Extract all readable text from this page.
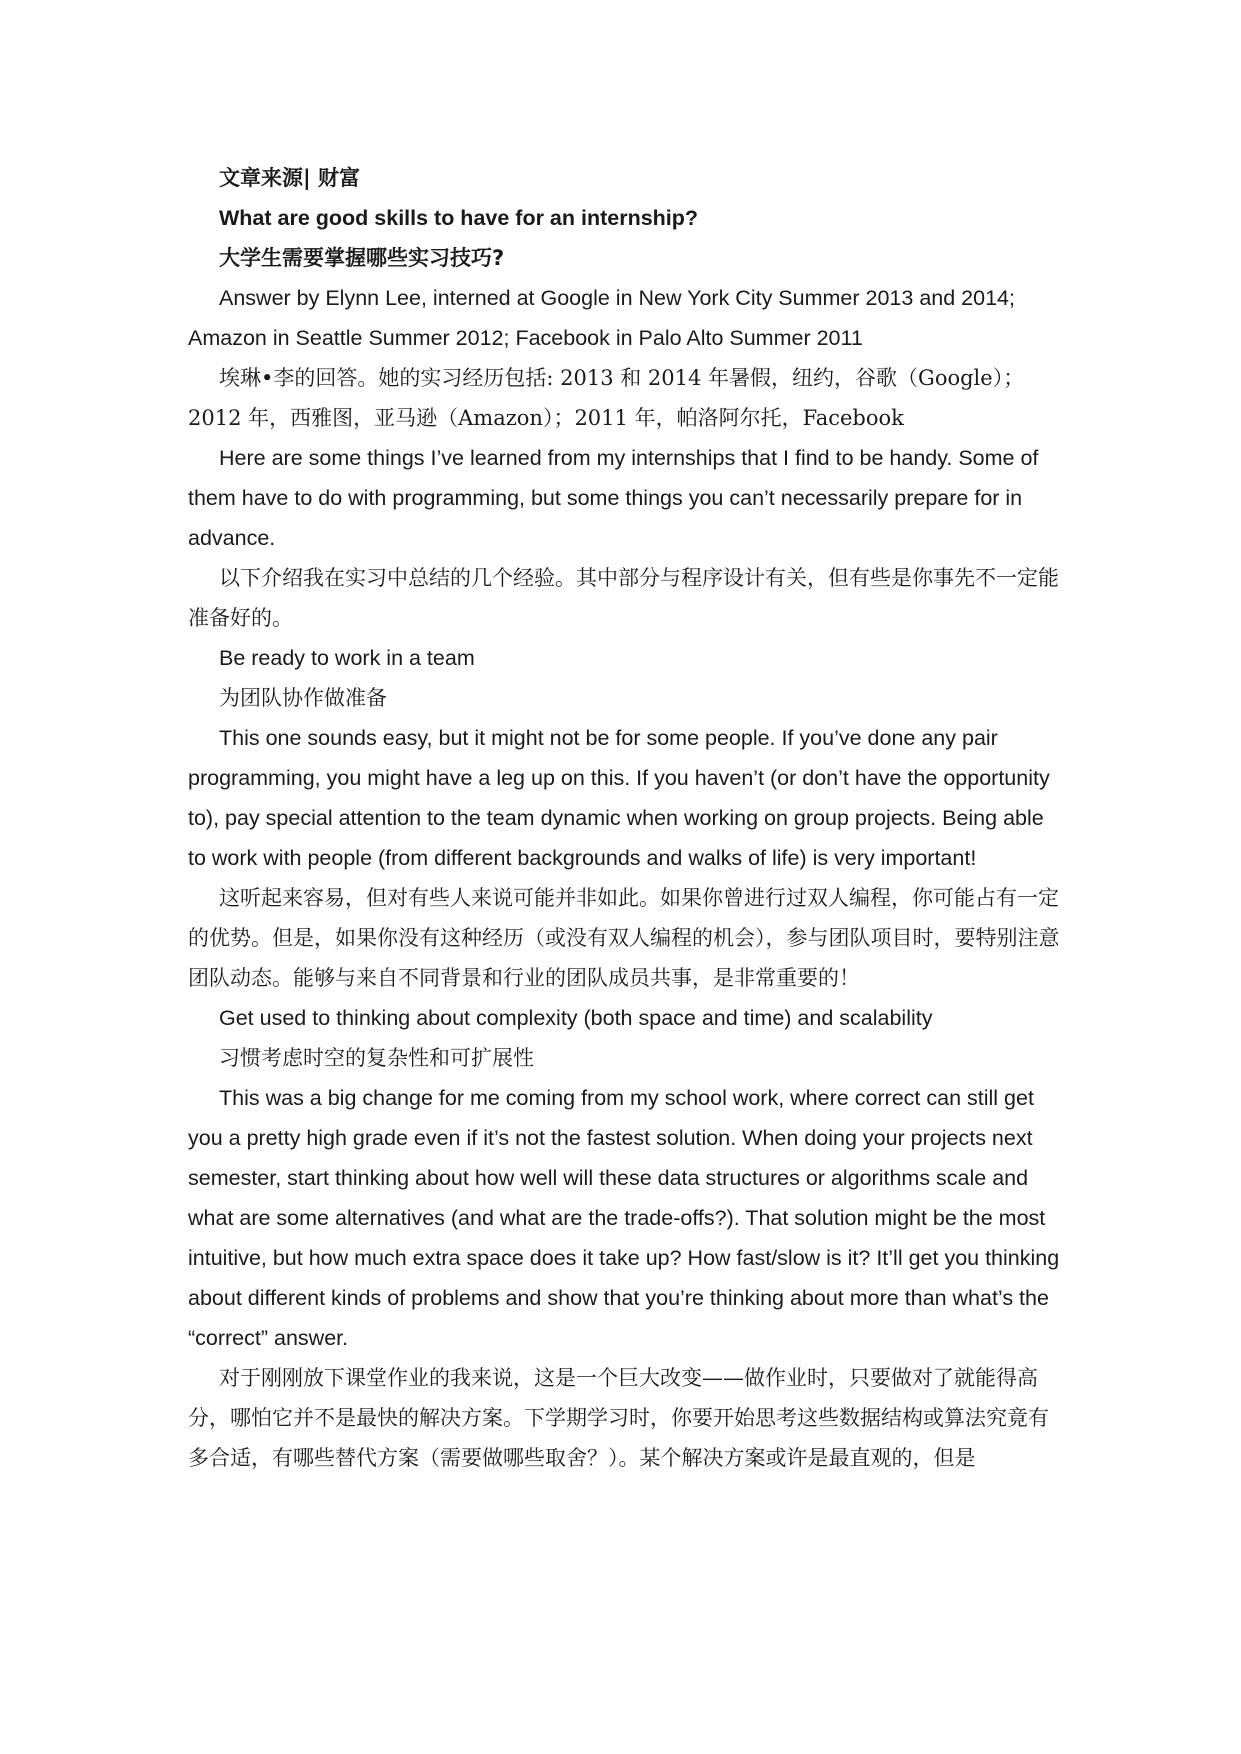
文章来源| 财富

What are good skills to have for an internship?

大学生需要掌握哪些实习技巧?

Answer by Elynn Lee, interned at Google in New York City Summer 2013 and 2014; Amazon in Seattle Summer 2012; Facebook in Palo Alto Summer 2011

埃琳•李的回答。她的实习经历包括: 2013 和 2014 年暑假，纽约，谷歌（Google）；2012 年，西雅图，亚马逊（Amazon）；2011 年，帕洛阿尔托，Facebook

Here are some things I’ve learned from my internships that I find to be handy. Some of them have to do with programming, but some things you can’t necessarily prepare for in advance.

以下介绍我在实习中总结的几个经验。其中部分与程序设计有关，但有些是你事先不一定能准备好的。

Be ready to work in a team

为团队协作做准备

This one sounds easy, but it might not be for some people. If you’ve done any pair programming, you might have a leg up on this. If you haven’t (or don’t have the opportunity to), pay special attention to the team dynamic when working on group projects. Being able to work with people (from different backgrounds and walks of life) is very important!

这听起来容易，但对有些人来说可能并非如此。如果你曾进行过双人编程，你可能占有一定的优势。但是，如果你没有这种经历（或没有双人编程的机会），参与团队项目时，要特别注意团队动态。能够与来自不同背景和行业的团队成员共事，是非常重要的！

Get used to thinking about complexity (both space and time) and scalability

习惯考虑时空的复杂性和可扩展性

This was a big change for me coming from my school work, where correct can still get you a pretty high grade even if it’s not the fastest solution. When doing your projects next semester, start thinking about how well will these data structures or algorithms scale and what are some alternatives (and what are the trade-offs?). That solution might be the most intuitive, but how much extra space does it take up? How fast/slow is it? It’ll get you thinking about different kinds of problems and show that you’re thinking about more than what’s the “correct” answer.

对于刚刚放下课堂作业的我来说，这是一个巨大改变——做作业时，只要做对了就能得高分，哪怕它并不是最快的解决方案。下学期学习时，你要开始思考这些数据结构或算法究竟有多合适，有哪些替代方案（需要做哪些取舍？）。某个解决方案或许是最直观的，但是
